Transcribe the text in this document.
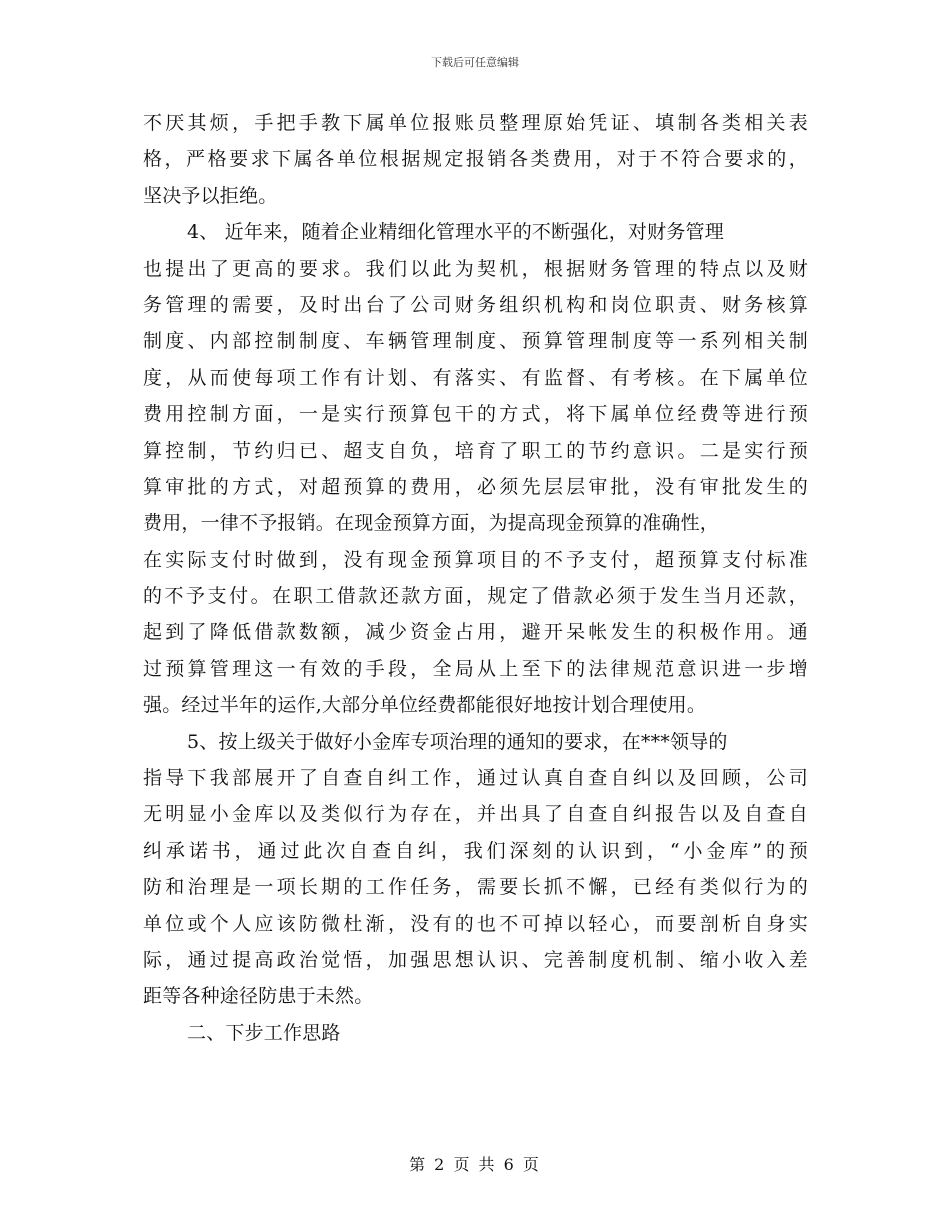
下载后可任意编辑
不厌其烦，手把手教下属单位报账员整理原始凭证、填制各类相关表
格，严格要求下属各单位根据规定报销各类费用，对于不符合要求的，
坚决予以拒绝。
4、 近年来，随着企业精细化管理水平的不断强化，对财务管理
也提出了更高的要求。我们以此为契机，根据财务管理的特点以及财
务管理的需要，及时出台了公司财务组织机构和岗位职责、财务核算
制度、内部控制制度、车辆管理制度、预算管理制度等一系列相关制
度，从而使每项工作有计划、有落实、有监督、有考核。在下属单位
费用控制方面，一是实行预算包干的方式，将下属单位经费等进行预
算控制，节约归已、超支自负，培育了职工的节约意识。二是实行预
算审批的方式，对超预算的费用，必须先层层审批，没有审批发生的
费用，一律不予报销。在现金预算方面，为提高现金预算的准确性，
在实际支付时做到，没有现金预算项目的不予支付，超预算支付标准
的不予支付。在职工借款还款方面，规定了借款必须于发生当月还款，
起到了降低借款数额，减少资金占用，避开呆帐发生的积极作用。通
过预算管理这一有效的手段，全局从上至下的法律规范意识进一步增
强。经过半年的运作,大部分单位经费都能很好地按计划合理使用。
5、按上级关于做好小金库专项治理的通知的要求，在***领导的
指导下我部展开了自查自纠工作，通过认真自查自纠以及回顾，公司
无明显小金库以及类似行为存在，并出具了自查自纠报告以及自查自
纠承诺书，通过此次自查自纠，我们深刻的认识到，“小金库”的预
防和治理是一项长期的工作任务，需要长抓不懈，已经有类似行为的
单位或个人应该防微杜渐，没有的也不可掉以轻心，而要剖析自身实
际，通过提高政治觉悟，加强思想认识、完善制度机制、缩小收入差
距等各种途径防患于未然。
二、下步工作思路
第 2 页 共 6 页
